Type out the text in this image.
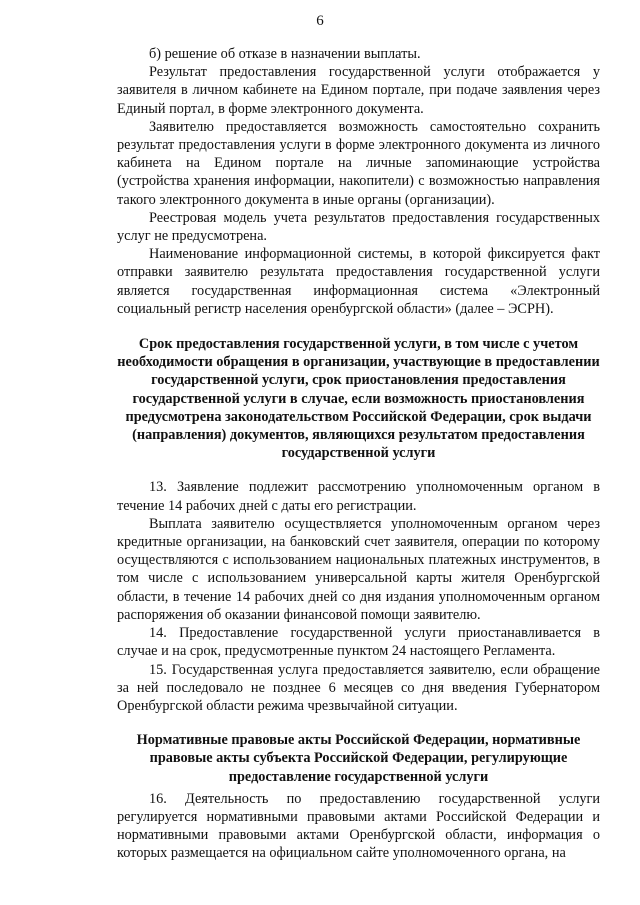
6

б) решение об отказе в назначении выплаты.

Результат предоставления государственной услуги отображается у заявителя в личном кабинете на Едином портале, при подаче заявления через Единый портал, в форме электронного документа.

Заявителю предоставляется возможность самостоятельно сохранить результат предоставления услуги в форме электронного документа из личного кабинета на Едином портале на личные запоминающие устройства (устройства хранения информации, накопители) с возможностью направления такого электронного документа в иные органы (организации).

Реестровая модель учета результатов предоставления государственных услуг не предусмотрена.

Наименование информационной системы, в которой фиксируется факт отправки заявителю результата предоставления государственной услуги является государственная информационная система «Электронный социальный регистр населения оренбургской области» (далее – ЭСРН).

Срок предоставления государственной услуги, в том числе с учетом необходимости обращения в организации, участвующие в предоставлении государственной услуги, срок приостановления предоставления государственной услуги в случае, если возможность приостановления предусмотрена законодательством Российской Федерации, срок выдачи (направления) документов, являющихся результатом предоставления государственной услуги

13. Заявление подлежит рассмотрению уполномоченным органом в течение 14 рабочих дней с даты его регистрации.

Выплата заявителю осуществляется уполномоченным органом через кредитные организации, на банковский счет заявителя, операции по которому осуществляются с использованием национальных платежных инструментов, в том числе с использованием универсальной карты жителя Оренбургской области, в течение 14 рабочих дней со дня издания уполномоченным органом распоряжения об оказании финансовой помощи заявителю.

14. Предоставление государственной услуги приостанавливается в случае и на срок, предусмотренные пунктом 24 настоящего Регламента.

15. Государственная услуга предоставляется заявителю, если обращение за ней последовало не позднее 6 месяцев со дня введения Губернатором Оренбургской области режима чрезвычайной ситуации.

Нормативные правовые акты Российской Федерации, нормативные правовые акты субъекта Российской Федерации, регулирующие предоставление государственной услуги

16. Деятельность по предоставлению государственной услуги регулируется нормативными правовыми актами Российской Федерации и нормативными правовыми актами Оренбургской области, информация о которых размещается на официальном сайте уполномоченного органа, на
